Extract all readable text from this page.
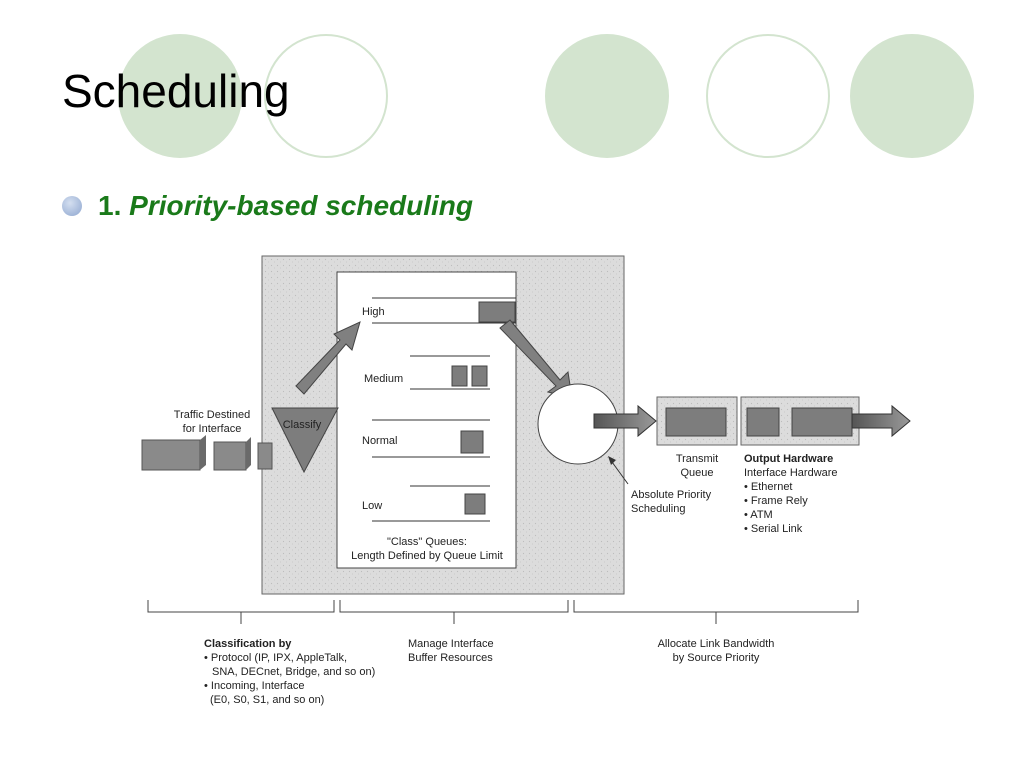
Scheduling
1. Priority-based scheduling
Traffic Destined
for Interface	Classify
High
Medium
Normal
Low
"Class" Queues:
Length Defined by Queue Limit
Absolute Priority
Scheduling
Transmit
Queue
Output Hardware
Interface Hardware
• Ethernet
• Frame Rely
• ATM
• Serial Link
Classification by
• Protocol (IP, IPX, AppleTalk,
SNA, DECnet, Bridge, and so on)
• Incoming, Interface
(E0, S0, S1, and so on)
Manage Interface
Buffer Resources
Allocate Link Bandwidth
by Source Priority
